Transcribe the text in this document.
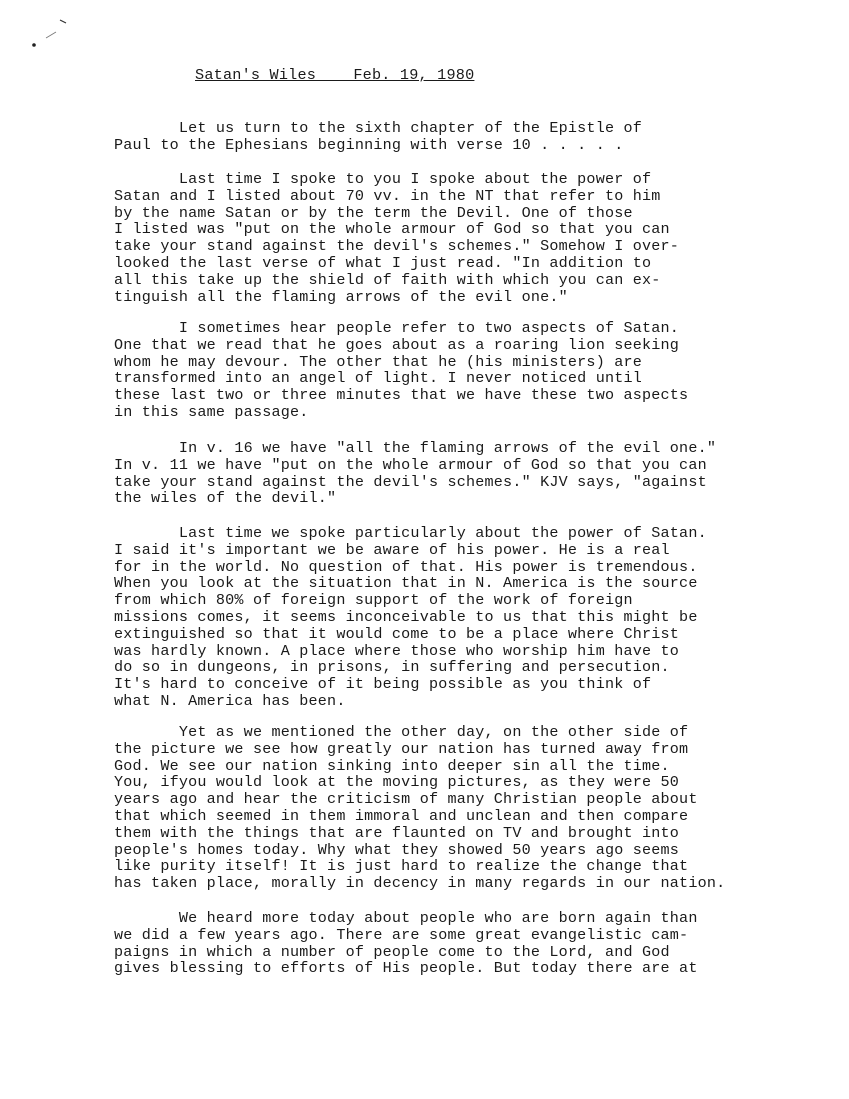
Satan's Wiles    Feb. 19, 1980
Let us turn to the sixth chapter of the Epistle of
Paul to the Ephesians beginning with verse 10 . . . . .
Last time I spoke to you I spoke about the power of
Satan and I listed about 70 vv. in the NT that refer to him
by the name Satan or by the term the Devil. One of those
I listed was "put on the whole armour of God so that you can
take your stand against the devil's schemes." Somehow I over-
looked the last verse of what I just read. "In addition to
all this take up the shield of faith with which you can ex-
tinguish all the flaming arrows of the evil one."
I sometimes hear people refer to two aspects of Satan.
One that we read that he goes about as a roaring lion seeking
whom he may devour. The other that he (his ministers) are
transformed into an angel of light. I never noticed until
these last two or three minutes that we have these two aspects
in this same passage.
In v. 16 we have "all the flaming arrows of the evil one."
In v. 11 we have "put on the whole armour of God so that you can
take your stand against the devil's schemes." KJV says, "against
the wiles of the devil."
Last time we spoke particularly about the power of Satan.
I said it's important we be aware of his power. He is a real
for in the world. No question of that. His power is tremendous.
When you look at the situation that in N. America is the source
from which 80% of foreign support of the work of foreign
missions comes, it seems inconceivable to us that this might be
extinguished so that it would come to be a place where Christ
was hardly known. A place where those who worship him have to
do so in dungeons, in prisons, in suffering and persecution.
It's hard to conceive of it being possible as you think of
what N. America has been.
Yet as we mentioned the other day, on the other side of
the picture we see how greatly our nation has turned away from
God. We see our nation sinking into deeper sin all the time.
You, ifyou would look at the moving pictures, as they were 50
years ago and hear the criticism of many Christian people about
that which seemed in them immoral and unclean and then compare
them with the things that are flaunted on TV and brought into
people's homes today. Why what they showed 50 years ago seems
like purity itself! It is just hard to realize the change that
has taken place, morally in decency in many regards in our nation.
We heard more today about people who are born again than
we did a few years ago. There are some great evangelistic cam-
paigns in which a number of people come to the Lord, and God
gives blessing to efforts of His people. But today there are at
